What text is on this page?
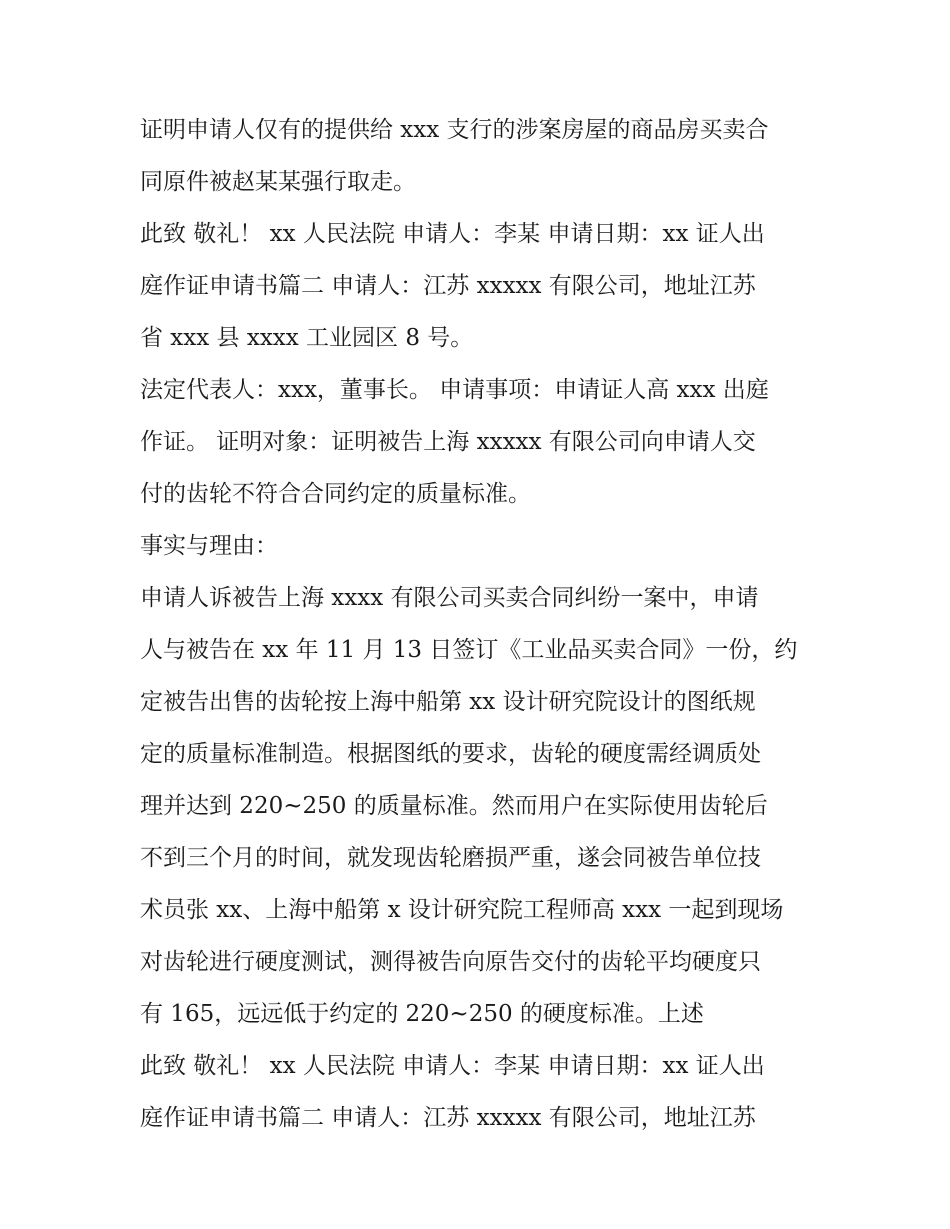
证明申请人仅有的提供给 xxx 支行的涉案房屋的商品房买卖合
同原件被赵某某强行取走。
此致 敬礼！ xx 人民法院 申请人：李某 申请日期：xx 证人出
庭作证申请书篇二 申请人：江苏 xxxxx 有限公司，地址江苏
省 xxx 县 xxxx 工业园区 8 号。
法定代表人：xxx，董事长。 申请事项：申请证人高 xxx 出庭
作证。 证明对象：证明被告上海 xxxxx 有限公司向申请人交
付的齿轮不符合合同约定的质量标准。
事实与理由：
申请人诉被告上海 xxxx 有限公司买卖合同纠纷一案中，申请
人与被告在 xx 年 11 月 13 日签订《工业品买卖合同》一份，约
定被告出售的齿轮按上海中船第 xx 设计研究院设计的图纸规
定的质量标准制造。根据图纸的要求，齿轮的硬度需经调质处
理并达到 220~250 的质量标准。然而用户在实际使用齿轮后
不到三个月的时间，就发现齿轮磨损严重，遂会同被告单位技
术员张 xx、上海中船第 x 设计研究院工程师高 xxx 一起到现场
对齿轮进行硬度测试，测得被告向原告交付的齿轮平均硬度只
有 165，远远低于约定的 220~250 的硬度标准。上述
此致 敬礼！ xx 人民法院 申请人：李某 申请日期：xx 证人出
庭作证申请书篇二 申请人：江苏 xxxxx 有限公司，地址江苏
